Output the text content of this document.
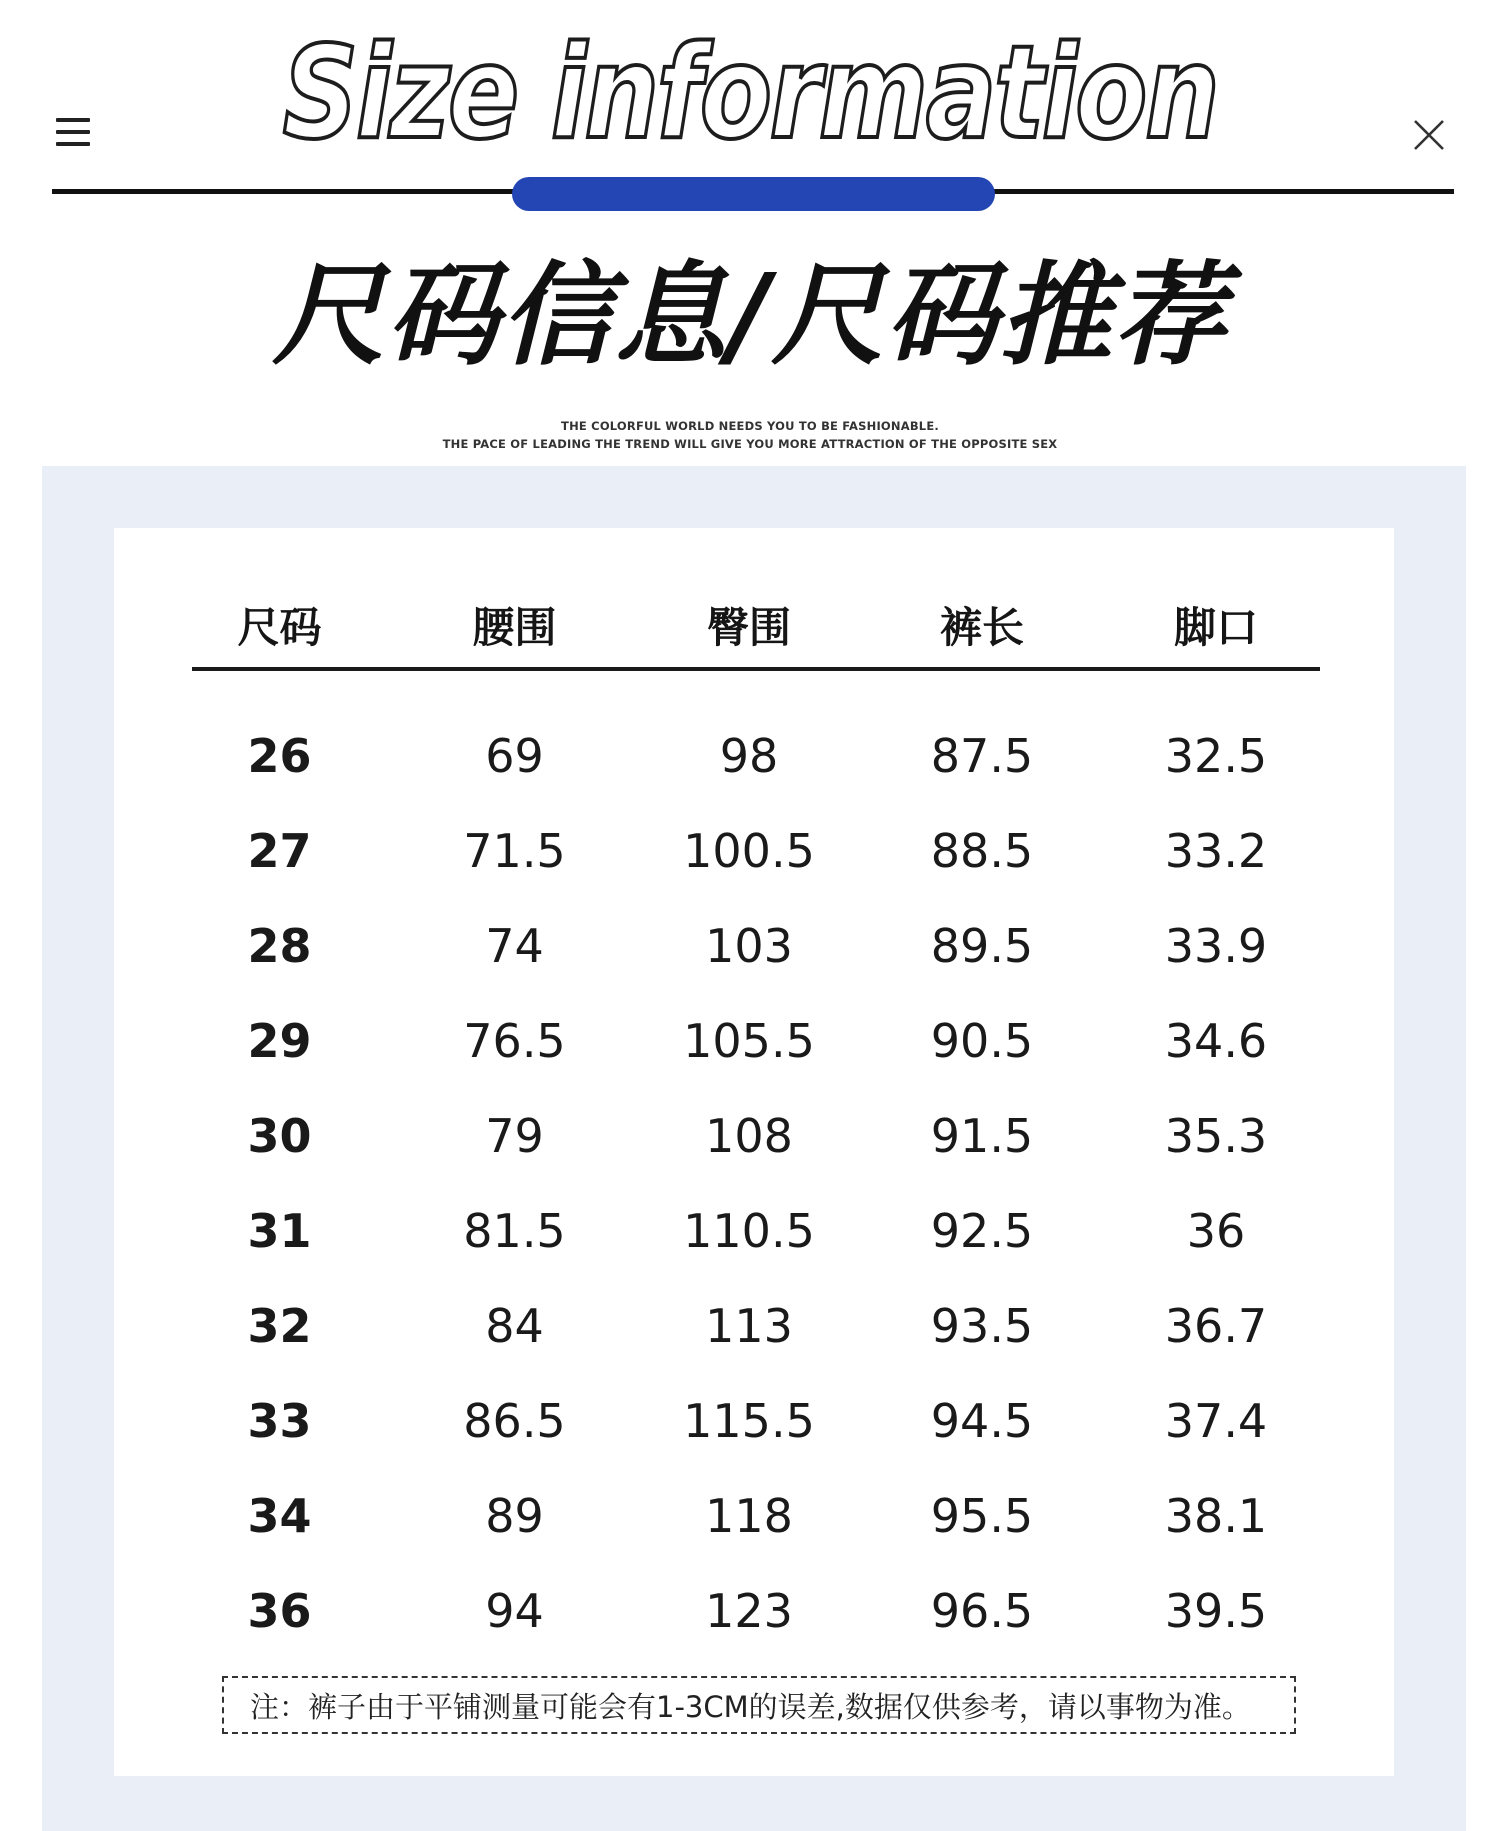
Size information
尺码信息/尺码推荐
THE COLORFUL WORLD NEEDS YOU TO BE FASHIONABLE.
THE PACE OF LEADING THE TREND WILL GIVE YOU MORE ATTRACTION OF THE OPPOSITE SEX
尺码	腰围	臀围	裤长	脚口
26	69	98	87.5	32.5
27	71.5	100.5	88.5	33.2
28	74	103	89.5	33.9
29	76.5	105.5	90.5	34.6
30	79	108	91.5	35.3
31	81.5	110.5	92.5	36
32	84	113	93.5	36.7
33	86.5	115.5	94.5	37.4
34	89	118	95.5	38.1
36	94	123	96.5	39.5
注：裤子由于平铺测量可能会有1-3CM的误差,数据仅供参考，请以事物为准。
